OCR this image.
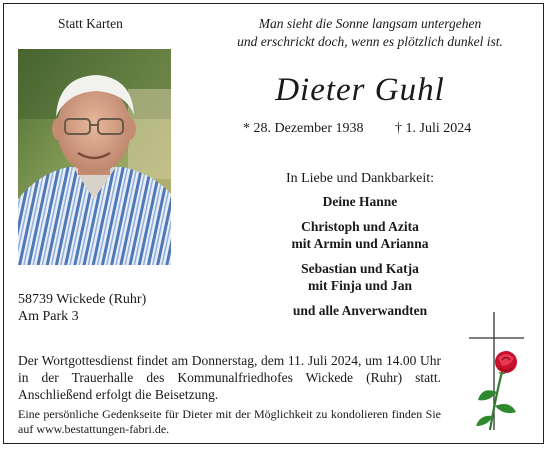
Statt Karten	Man sieht die Sonne langsam untergehen
und erschrickt doch, wenn es plötzlich dunkel ist.
Dieter Guhl
* 28. Dezember 1938 † 1. Juli 2024
In Liebe und Dankbarkeit:
Deine Hanne
Christoph und Azita
mit Armin und Arianna
Sebastian und Katja
mit Finja und Jan
und alle Anverwandten
58739 Wickede (Ruhr)
Am Park 3
Der Wortgottesdienst findet am Donnerstag, dem 11. Juli 2024, um 14.00 Uhr in der Trauerhalle des Kommunalfriedhofes Wickede (Ruhr) statt. Anschließend erfolgt die Beisetzung.
Eine persönliche Gedenkseite für Dieter mit der Möglichkeit zu kondolieren finden Sie auf www.bestattungen-fabri.de.
